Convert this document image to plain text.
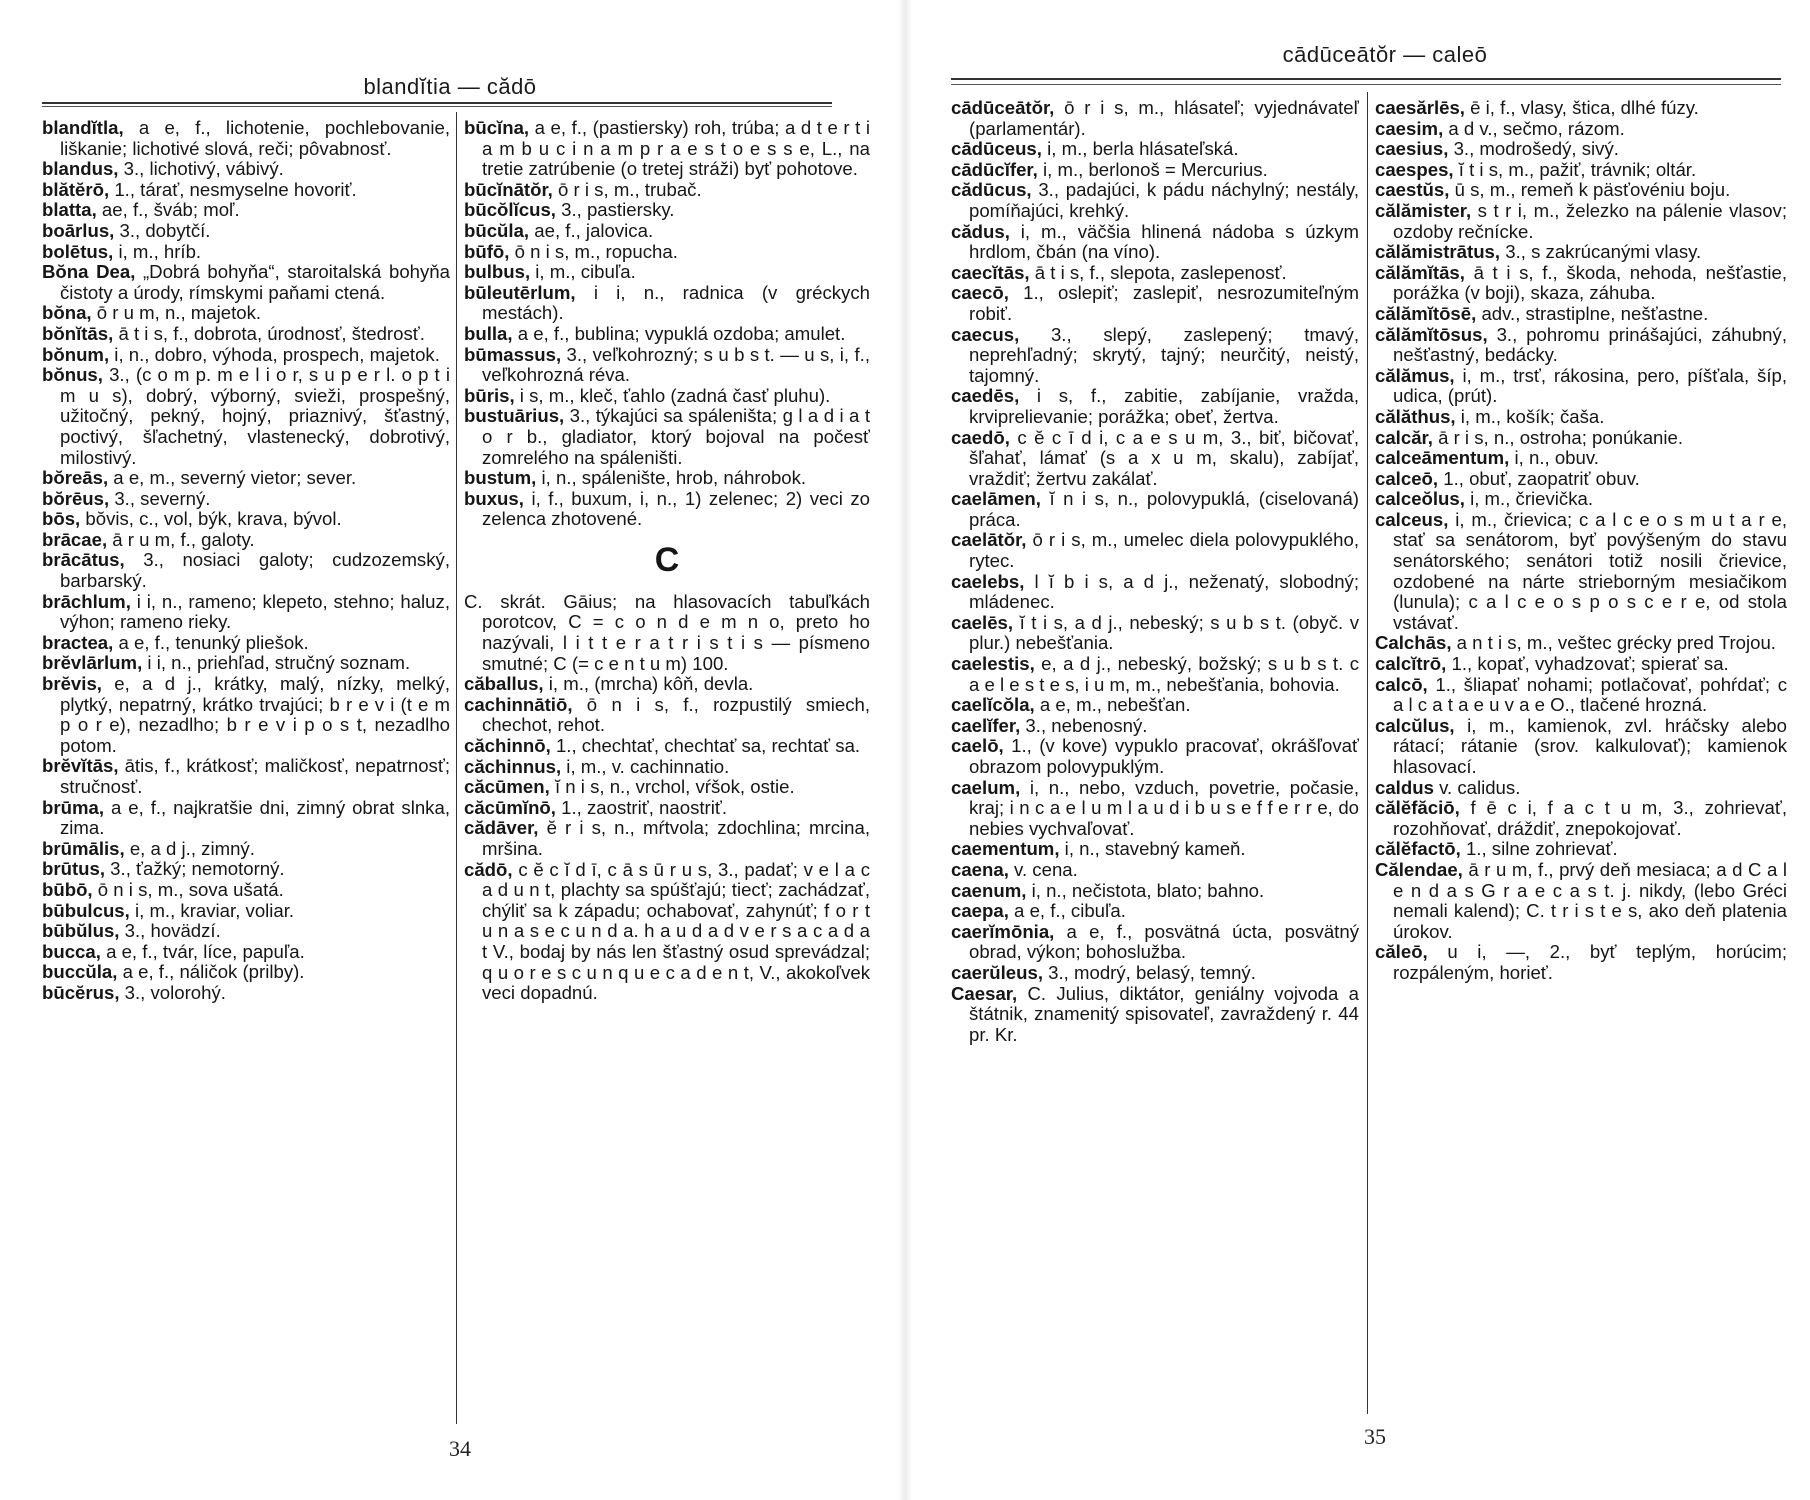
blandĭtia — cădō

blandĭtla, a e, f., lichotenie, pochlebovanie, liškanie; lichotivé slová, reči; pôvabnosť.

blandus, 3., lichotivý, vábivý.

blătĕrō, 1., tárať, nesmyselne hovoriť.

blatta, ae, f., šváb; moľ.

boārlus, 3., dobytčí.

bolētus, i, m., hríb.

Bŏna Dea, „Dobrá bohyňa“, staroitalská bohyňa čistoty a úrody, rímskymi paňami ctená.

bŏna, ō r u m, n., majetok.

bŏnĭtās, ā t i s, f., dobrota, úrodnosť, štedrosť.

bŏnum, i, n., dobro, výhoda, prospech, majetok.

bŏnus, 3., (c o m p. m e l i o r, s u p e r l. o p t i m u s), dobrý, výborný, svieži, prospešný, užitočný, pekný, hojný, priaznivý, šťastný, poctivý, šľachetný, vlastenecký, dobrotivý, milostivý.

bŏreās, a e, m., severný vietor; sever.

bŏrēus, 3., severný.

bōs, bŏvis, c., vol, býk, krava, bývol.

brācae, ā r u m, f., galoty.

brācātus, 3., nosiaci galoty; cudzozemský, barbarský.

brāchlum, i i, n., rameno; klepeto, stehno; haluz, výhon; rameno rieky.

bractea, a e, f., tenunký pliešok.

brĕvlārlum, i i, n., priehľad, stručný soznam.

brĕvis, e, a d j., krátky, malý, nízky, melký, plytký, nepatrný, krátko trvajúci; b r e v i (t e m p o r e), nezadlho; b r e v i p o s t, nezadlho potom.

brĕvĭtās, ātis, f., krátkosť; maličkosť, nepatrnosť; stručnosť.

brūma, a e, f., najkratšie dni, zimný obrat slnka, zima.

brūmālis, e, a d j., zimný.

brūtus, 3., ťažký; nemotorný.

būbō, ō n i s, m., sova ušatá.

būbulcus, i, m., kraviar, voliar.

būbŭlus, 3., hovädzí.

bucca, a e, f., tvár, líce, papuľa.

buccŭla, a e, f., náličok (prilby).

būcĕrus, 3., volorohý.

būcĭna, a e, f., (pastiersky) roh, trúba; a d t e r t i a m b u c i n a m p r a e s t o e s s e, L., na tretie zatrúbenie (o tretej stráži) byť pohotove.

būcĭnātŏr, ō r i s, m., trubač.

būcŏlĭcus, 3., pastiersky.

būcŭla, ae, f., jalovica.

būfō, ō n i s, m., ropucha.

bulbus, i, m., cibuľa.

būleutērlum, i i, n., radnica (v gréckych mestách).

bulla, a e, f., bublina; vypuklá ozdoba; amulet.

būmassus, 3., veľkohrozný; s u b s t. — u s, i, f., veľkohrozná réva.

būris, i s, m., kleč, ťahlo (zadná časť pluhu).

bustuārius, 3., týkajúci sa spáleništa; g l a d i a t o r b., gladiator, ktorý bojoval na počesť zomrelého na spáleništi.

bustum, i, n., spálenište, hrob, náhrobok.

buxus, i, f., buxum, i, n., 1) zelenec; 2) veci zo zelenca zhotovené.

C

C. skrát. Gāius; na hlasovacích tabuľkách porotcov, C = c o n d e m n o, preto ho nazývali, l i t t e r a t r i s t i s — písmeno smutné; C (= c e n t u m) 100.

căballus, i, m., (mrcha) kôň, devla.

cachinnātiō, ō n i s, f., rozpustilý smiech, chechot, rehot.

căchinnō, 1., chechtať, chechtať sa, rechtať sa.

căchinnus, i, m., v. cachinnatio.

căcūmen, ĭ n i s, n., vrchol, vŕšok, ostie.

căcūmĭnō, 1., zaostriť, naostriť.

cădāver, ĕ r i s, n., mŕtvola; zdochlina; mrcina, mršina.

cădō, c ĕ c ĭ d ī, c ā s ū r u s, 3., padať; v e l a c a d u n t, plachty sa spúšťajú; tiecť; zachádzať, chýliť sa k západu; ochabovať, zahynúť; f o r t u n a s e c u n d a. h a u d a d v e r s a c a d a t V., bodaj by nás len šťastný osud sprevádzal; q u o r e s c u n q u e c a d e n t, V., akokoľvek veci dopadnú.

34
cādūceātŏr — caleō

cādūceātŏr, ō r i s, m., hlásateľ; vyjednávateľ (parlamentár).

cādūceus, i, m., berla hlásateľská.

cādūcĭfer, i, m., berlonoš = Mercurius.

cădūcus, 3., padajúci, k pádu náchylný; nestály, pomíňajúci, krehký.

cădus, i, m., väčšia hlinená nádoba s úzkym hrdlom, čbán (na víno).

caecĭtās, ā t i s, f., slepota, zaslepenosť.

caecō, 1., oslepiť; zaslepiť, nesrozumiteľným robiť.

caecus, 3., slepý, zaslepený; tmavý, neprehľadný; skrytý, tajný; neurčitý, neistý, tajomný.

caedēs, i s, f., zabitie, zabíjanie, vražda, krviprelievanie; porážka; obeť, žertva.

caedō, c ĕ c ī d i, c a e s u m, 3., biť, bičovať, šľahať, lámať (s a x u m, skalu), zabíjať, vraždiť; žertvu zakálať.

caelāmen, ĭ n i s, n., polovypuklá, (ciselovaná) práca.

caelātŏr, ō r i s, m., umelec diela polovypuklého, rytec.

caelebs, l ĭ b i s, a d j., neženatý, slobodný; mládenec.

caelēs, ĭ t i s, a d j., nebeský; s u b s t. (obyč. v plur.) nebešťania.

caelestis, e, a d j., nebeský, božský; s u b s t. c a e l e s t e s, i u m, m., nebešťania, bohovia.

caelĭcŏla, a e, m., nebešťan.

caelĭfer, 3., nebenosný.

caelō, 1., (v kove) vypuklo pracovať, okrášľovať obrazom polovypuklým.

caelum, i, n., nebo, vzduch, povetrie, počasie, kraj; i n c a e l u m l a u d i b u s e f f e r r e, do nebies vychvaľovať.

caementum, i, n., stavebný kameň.

caena, v. cena.

caenum, i, n., nečistota, blato; bahno.

caepa, a e, f., cibuľa.

caerĭmōnia, a e, f., posvätná úcta, posvätný obrad, výkon; bohoslužba.

caerŭleus, 3., modrý, belasý, temný.

Caesar, C. Julius, diktátor, geniálny vojvoda a štátnik, znamenitý spisovateľ, zavraždený r. 44 pr. Kr.

caesărlēs, ē i, f., vlasy, štica, dlhé fúzy.

caesim, a d v., sečmo, rázom.

caesius, 3., modrošedý, sivý.

caespes, ĭ t i s, m., pažiť, trávnik; oltár.

caestŭs, ū s, m., remeň k päsťovéniu boju.

călămister, s t r i, m., železko na pálenie vlasov; ozdoby rečnícke.

călămistrātus, 3., s zakrúcanými vlasy.

călămĭtās, ā t i s, f., škoda, nehoda, nešťastie, porážka (v boji), skaza, záhuba.

călămĭtōsē, adv., strastiplne, nešťastne.

călămĭtōsus, 3., pohromu prinášajúci, záhubný, nešťastný, bedácky.

călămus, i, m., trsť, rákosina, pero, píšťala, šíp, udica, (prút).

călăthus, i, m., košík; čaša.

calcăr, ā r i s, n., ostroha; ponúkanie.

calceāmentum, i, n., obuv.

calceō, 1., obuť, zaopatriť obuv.

calceŏlus, i, m., črievička.

calceus, i, m., črievica; c a l c e o s m u t a r e, stať sa senátorom, byť povýšeným do stavu senátorského; senátori totiž nosili črievice, ozdobené na nárte strieborným mesiačikom (lunula); c a l c e o s p o s c e r e, od stola vstávať.

Calchās, a n t i s, m., veštec grécky pred Trojou.

calcĭtrō, 1., kopať, vyhadzovať; spierať sa.

calcō, 1., šliapať nohami; potlačovať, pohŕdať; c a l c a t a e u v a e O., tlačené hrozná.

calcŭlus, i, m., kamienok, zvl. hráčsky alebo rátací; rátanie (srov. kalkulovať); kamienok hlasovací.

caldus v. calidus.

călĕfăciō, f ē c i, f a c t u m, 3., zohrievať, rozohňovať, dráždiť, znepokojovať.

călĕfactō, 1., silne zohrievať.

Călendae, ā r u m, f., prvý deň mesiaca; a d C a l e n d a s G r a e c a s t. j. nikdy, (lebo Gréci nemali kalend); C. t r i s t e s, ako deň platenia úrokov.

căleō, u i, —, 2., byť teplým, horúcim; rozpáleným, horieť.

35
